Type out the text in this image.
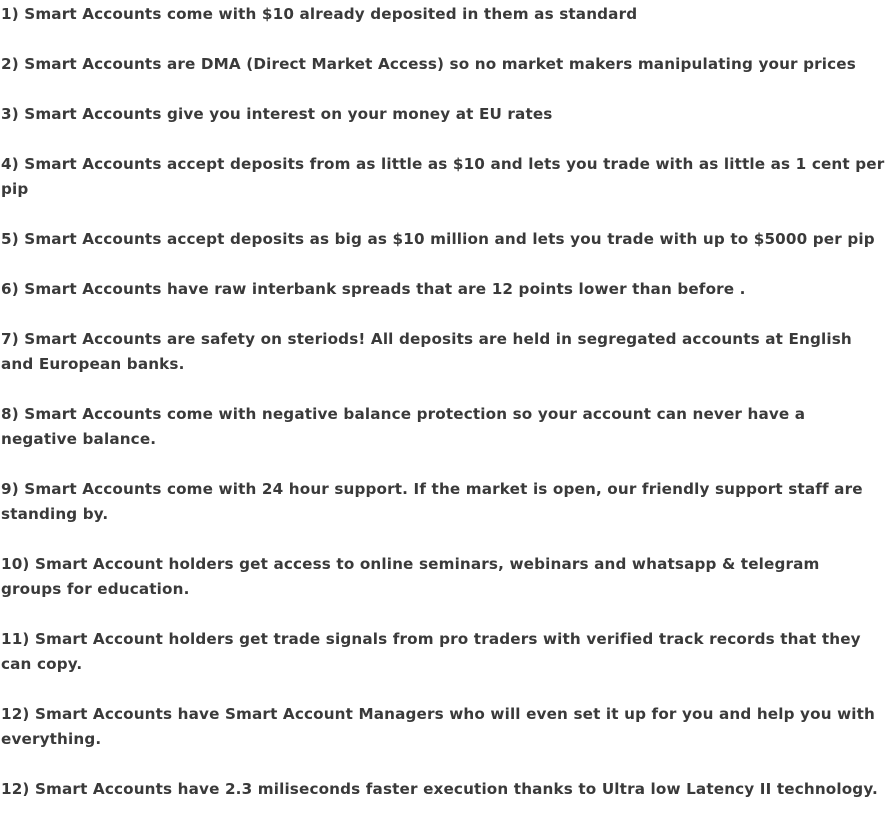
1) Smart Accounts come with $10 already deposited in them as standard

2) Smart Accounts are DMA (Direct Market Access) so no market makers manipulating your prices

3) Smart Accounts give you interest on your money at EU rates

4) Smart Accounts accept deposits from as little as $10 and lets you trade with as little as 1 cent per pip

5) Smart Accounts accept deposits as big as $10 million and lets you trade with up to $5000 per pip

6) Smart Accounts have raw interbank spreads that are 12 points lower than before .

7) Smart Accounts are safety on steriods! All deposits are held in segregated accounts at English and European banks.

8) Smart Accounts come with negative balance protection so your account can never have a negative balance.

9) Smart Accounts come with 24 hour support. If the market is open, our friendly support staff are standing by.

10) Smart Account holders get access to online seminars, webinars and whatsapp & telegram groups for education.

11) Smart Account holders get trade signals from pro traders with verified track records that they can copy.

12) Smart Accounts have Smart Account Managers who will even set it up for you and help you with everything.

12) Smart Accounts have 2.3 miliseconds faster execution thanks to Ultra low Latency II technology.
